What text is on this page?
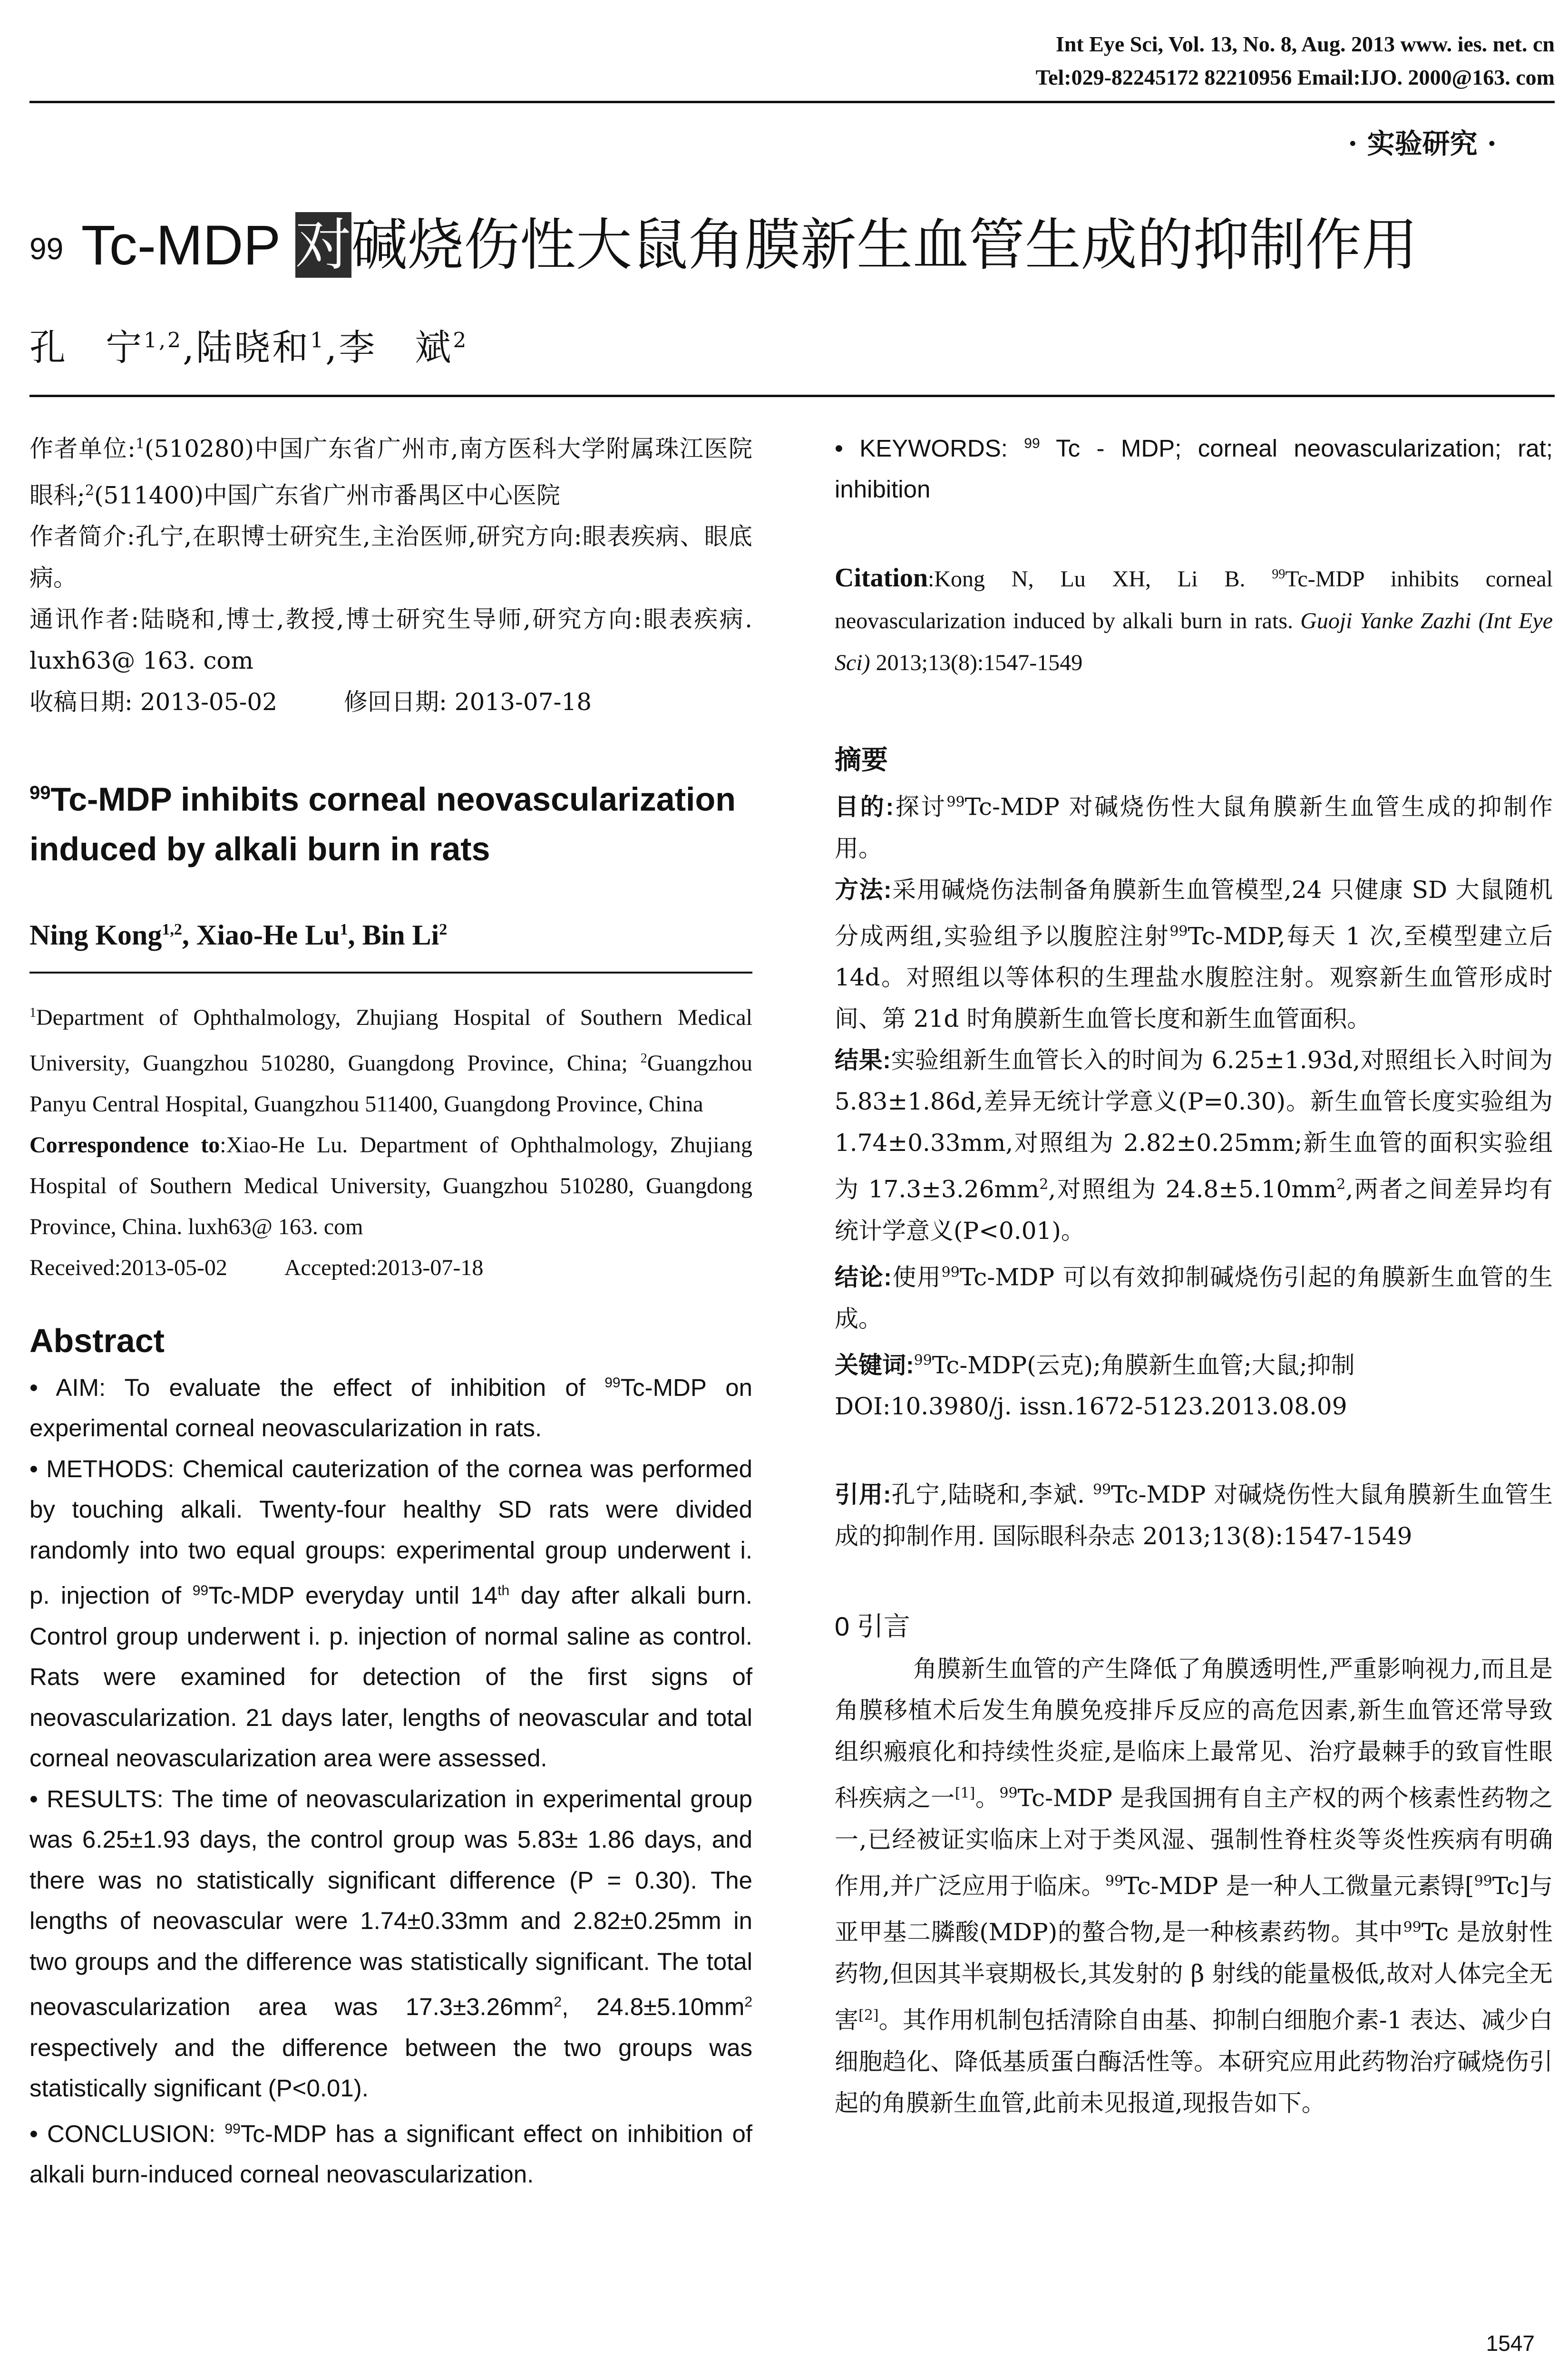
Int Eye Sci, Vol. 13, No. 8, Aug. 2013 www. ies. net. cn
Tel:029-82245172 82210956 Email:IJO. 2000@163. com
· 实验研究 ·
$^{99}$ Tc-MDP 对碱烧伤性大鼠角膜新生血管生成的抑制作用
孔　宁$^{1,2}$,陆晓和$^1$,李　斌$^2$

作者单位:$^1$(510280)中国广东省广州市,南方医科大学附属珠江医院眼科;$^2$(511400)中国广东省广州市番禺区中心医院

作者简介:孔宁,在职博士研究生,主治医师,研究方向:眼表疾病、眼底病。

通讯作者:陆晓和,博士,教授,博士研究生导师,研究方向:眼表疾病. luxh63@ 163. com

收稿日期: 2013-05-02	修回日期: 2013-07-18

$^{99}$Tc-MDP inhibits corneal neovascularization induced by alkali burn in rats

Ning Kong$^{1,2}$, Xiao-He Lu$^1$, Bin Li$^2$

$^1$Department of Ophthalmology, Zhujiang Hospital of Southern Medical University, Guangzhou 510280, Guangdong Province, China; $^2$Guangzhou Panyu Central Hospital, Guangzhou 511400, Guangdong Province, China

Correspondence to:Xiao-He Lu. Department of Ophthalmology, Zhujiang Hospital of Southern Medical University, Guangzhou 510280, Guangdong Province, China. luxh63@ 163. com

Received:2013-05-02	Accepted:2013-07-18

Abstract

• AIM: To evaluate the effect of inhibition of $^{99}$Tc-MDP on experimental corneal neovascularization in rats.

• METHODS: Chemical cauterization of the cornea was performed by touching alkali. Twenty-four healthy SD rats were divided randomly into two equal groups: experimental group underwent i. p. injection of $^{99}$Tc-MDP everyday until 14th day after alkali burn. Control group underwent i. p. injection of normal saline as control. Rats were examined for detection of the first signs of neovascularization. 21 days later, lengths of neovascular and total corneal neovascularization area were assessed.

• RESULTS: The time of neovascularization in experimental group was 6.25±1.93 days, the control group was 5.83± 1.86 days, and there was no statistically significant difference (P = 0.30). The lengths of neovascular were 1.74±0.33mm and 2.82±0.25mm in two groups and the difference was statistically significant. The total neovascularization area was $17.3\pm 3.26mm^2$, $24.8\pm 5.10mm^2$ respectively and the difference between the two groups was statistically significant (P<0.01).

• CONCLUSION: $^{99}$Tc-MDP has a significant effect on inhibition of alkali burn-induced corneal neovascularization.

• KEYWORDS: $^{99}$ Tc - MDP; corneal neovascularization; rat; inhibition

Citation:Kong N, Lu XH, Li B. $^{99}$Tc-MDP inhibits corneal neovascularization induced by alkali burn in rats. Guoji Yanke Zazhi (Int Eye Sci) 2013;13(8):1547-1549

摘要

目的:探讨$^{99}$Tc-MDP 对碱烧伤性大鼠角膜新生血管生成的抑制作用。

方法:采用碱烧伤法制备角膜新生血管模型,24 只健康 SD 大鼠随机分成两组,实验组予以腹腔注射$^{99}$Tc-MDP,每天 1 次,至模型建立后 14d。对照组以等体积的生理盐水腹腔注射。观察新生血管形成时间、第 21d 时角膜新生血管长度和新生血管面积。

结果:实验组新生血管长入的时间为 6.25±1.93d,对照组长入时间为 5.83±1.86d,差异无统计学意义(P=0.30)。新生血管长度实验组为 1.74±0.33mm,对照组为 2.82±0.25mm;新生血管的面积实验组为 $17.3\pm 3.26mm^2$,对照组为 $24.8\pm 5.10mm^2$,两者之间差异均有统计学意义(P<0.01)。

结论:使用$^{99}$Tc-MDP 可以有效抑制碱烧伤引起的角膜新生血管的生成。

关键词:$^{99}$Tc-MDP(云克);角膜新生血管;大鼠;抑制

DOI:10.3980/j. issn.1672-5123.2013.08.09

引用:孔宁,陆晓和,李斌. $^{99}$Tc-MDP 对碱烧伤性大鼠角膜新生血管生成的抑制作用. 国际眼科杂志 2013;13(8):1547-1549

0 引言

角膜新生血管的产生降低了角膜透明性,严重影响视力,而且是角膜移植术后发生角膜免疫排斥反应的高危因素,新生血管还常导致组织瘢痕化和持续性炎症,是临床上最常见、治疗最棘手的致盲性眼科疾病之一[1]。$^{99}$Tc-MDP 是我国拥有自主产权的两个核素性药物之一,已经被证实临床上对于类风湿、强制性脊柱炎等炎性疾病有明确作用,并广泛应用于临床。$^{99}$Tc-MDP 是一种人工微量元素锝[$^{99}$Tc]与亚甲基二膦酸(MDP)的螯合物,是一种核素药物。其中$^{99}$Tc 是放射性药物,但因其半衰期极长,其发射的 β 射线的能量极低,故对人体完全无害[2]。其作用机制包括清除自由基、抑制白细胞介素-1 表达、减少白细胞趋化、降低基质蛋白酶活性等。本研究应用此药物治疗碱烧伤引起的角膜新生血管,此前未见报道,现报告如下。

1547
